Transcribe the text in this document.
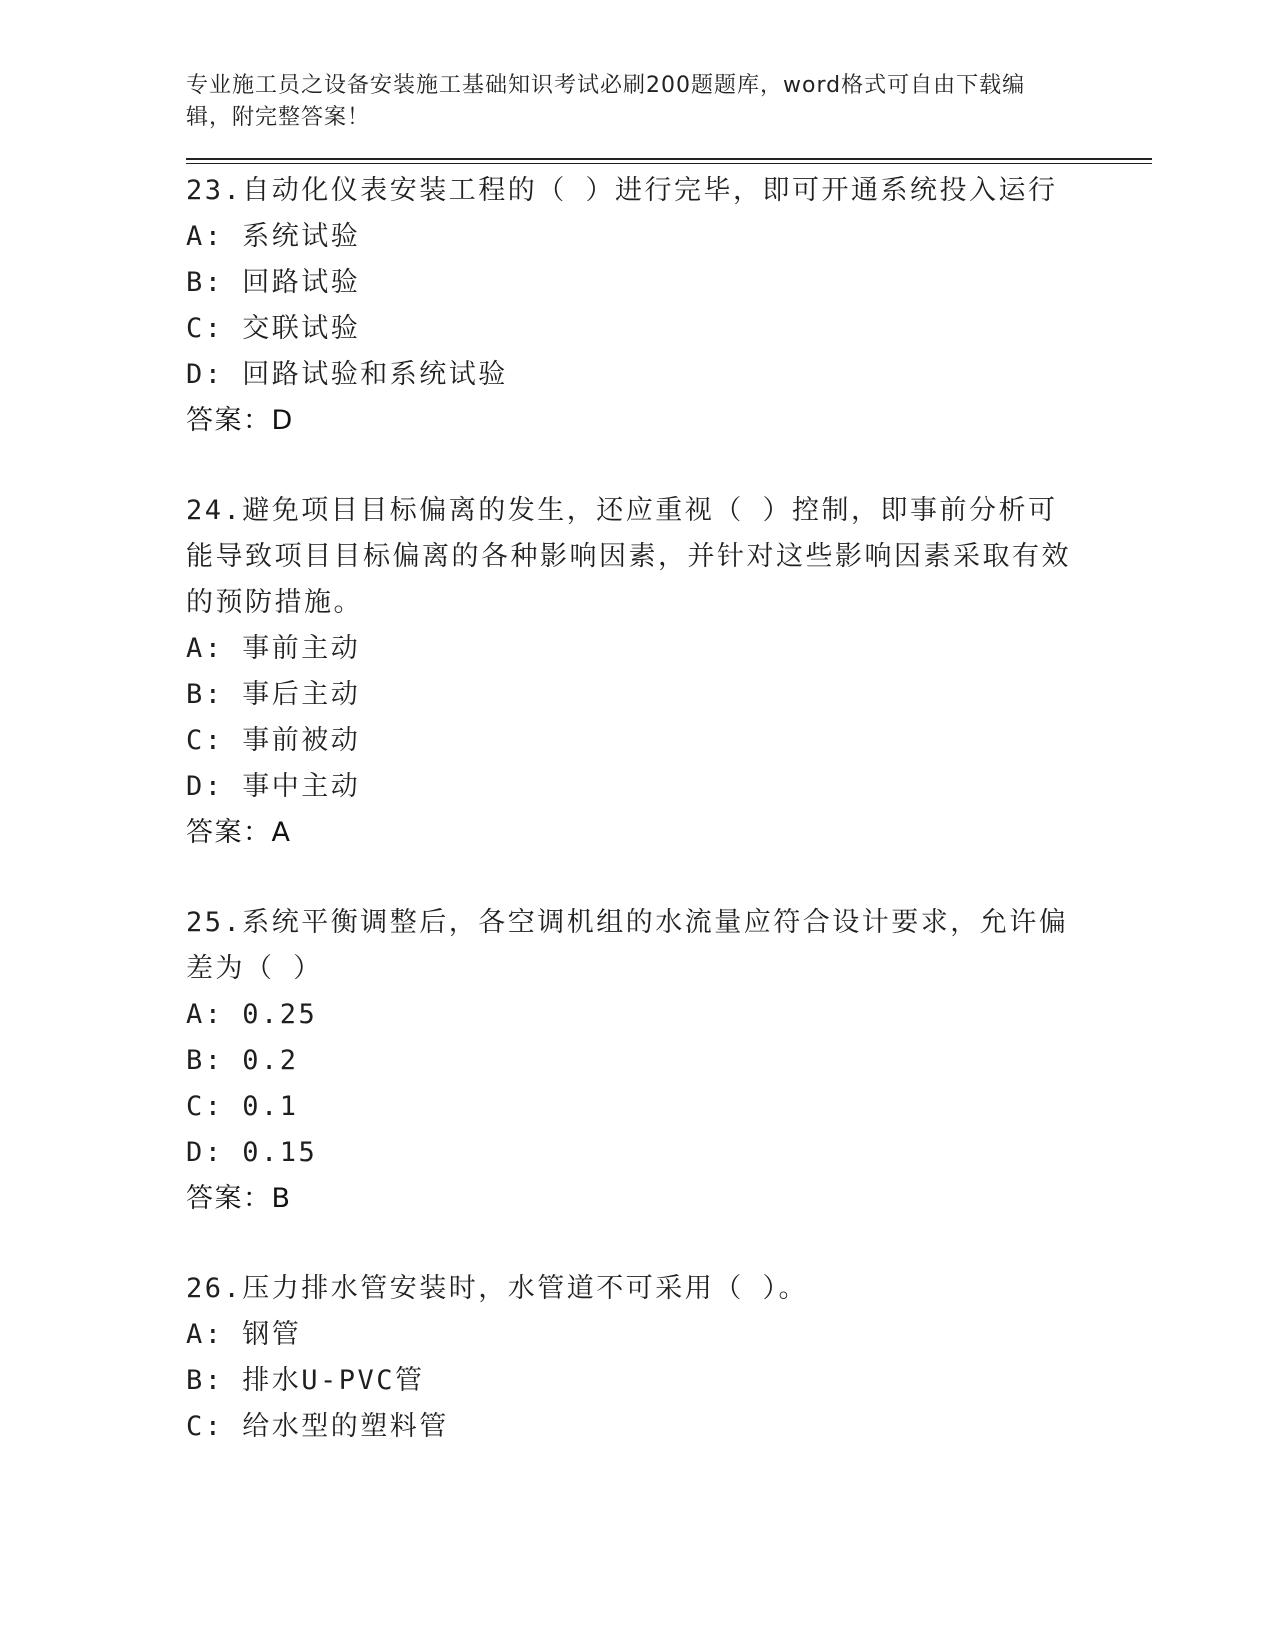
专业施工员之设备安装施工基础知识考试必刷200题题库，word格式可自由下载编辑，附完整答案！
23.自动化仪表安装工程的（ ）进行完毕，即可开通系统投入运行
A: 系统试验
B: 回路试验
C: 交联试验
D: 回路试验和系统试验
答案：D
24.避免项目目标偏离的发生，还应重视（ ）控制，即事前分析可能导致项目目标偏离的各种影响因素，并针对这些影响因素采取有效的预防措施。
A: 事前主动
B: 事后主动
C: 事前被动
D: 事中主动
答案：A
25.系统平衡调整后，各空调机组的水流量应符合设计要求，允许偏差为（ ）
A: 0.25
B: 0.2
C: 0.1
D: 0.15
答案：B
26.压力排水管安装时，水管道不可采用（ ）。
A: 钢管
B: 排水U-PVC管
C: 给水型的塑料管
